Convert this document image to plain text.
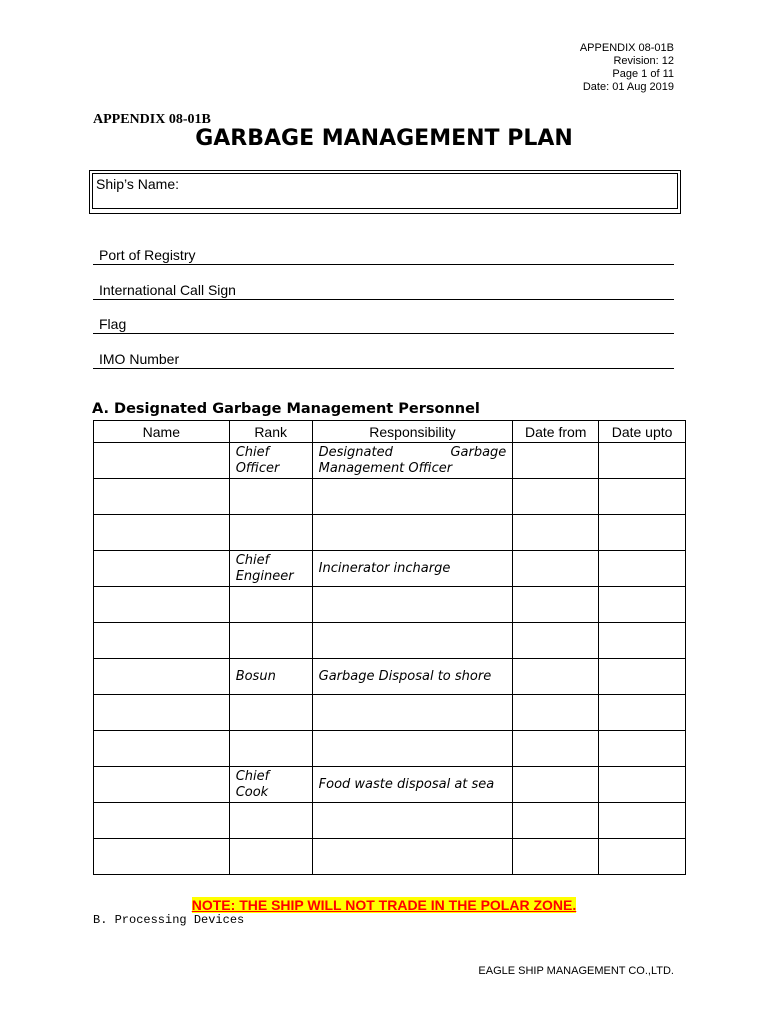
APPENDIX 08-01B
Revision: 12
Page 1 of 11
Date: 01 Aug 2019
APPENDIX 08-01B
GARBAGE MANAGEMENT PLAN
Ship’s Name:
Port of Registry
International Call Sign
Flag
IMO Number
A. Designated Garbage Management Personnel
Name	Rank	Responsibility	Date from	Date upto
	Chief Officer	Designated Garbage Management Officer		

	Chief Engineer	Incinerator incharge		

	Bosun	Garbage Disposal to shore		

	Chief Cook	Food waste disposal at sea		

NOTE: THE SHIP WILL NOT TRADE IN THE POLAR ZONE.
B. Processing Devices
EAGLE SHIP MANAGEMENT CO.,LTD.
